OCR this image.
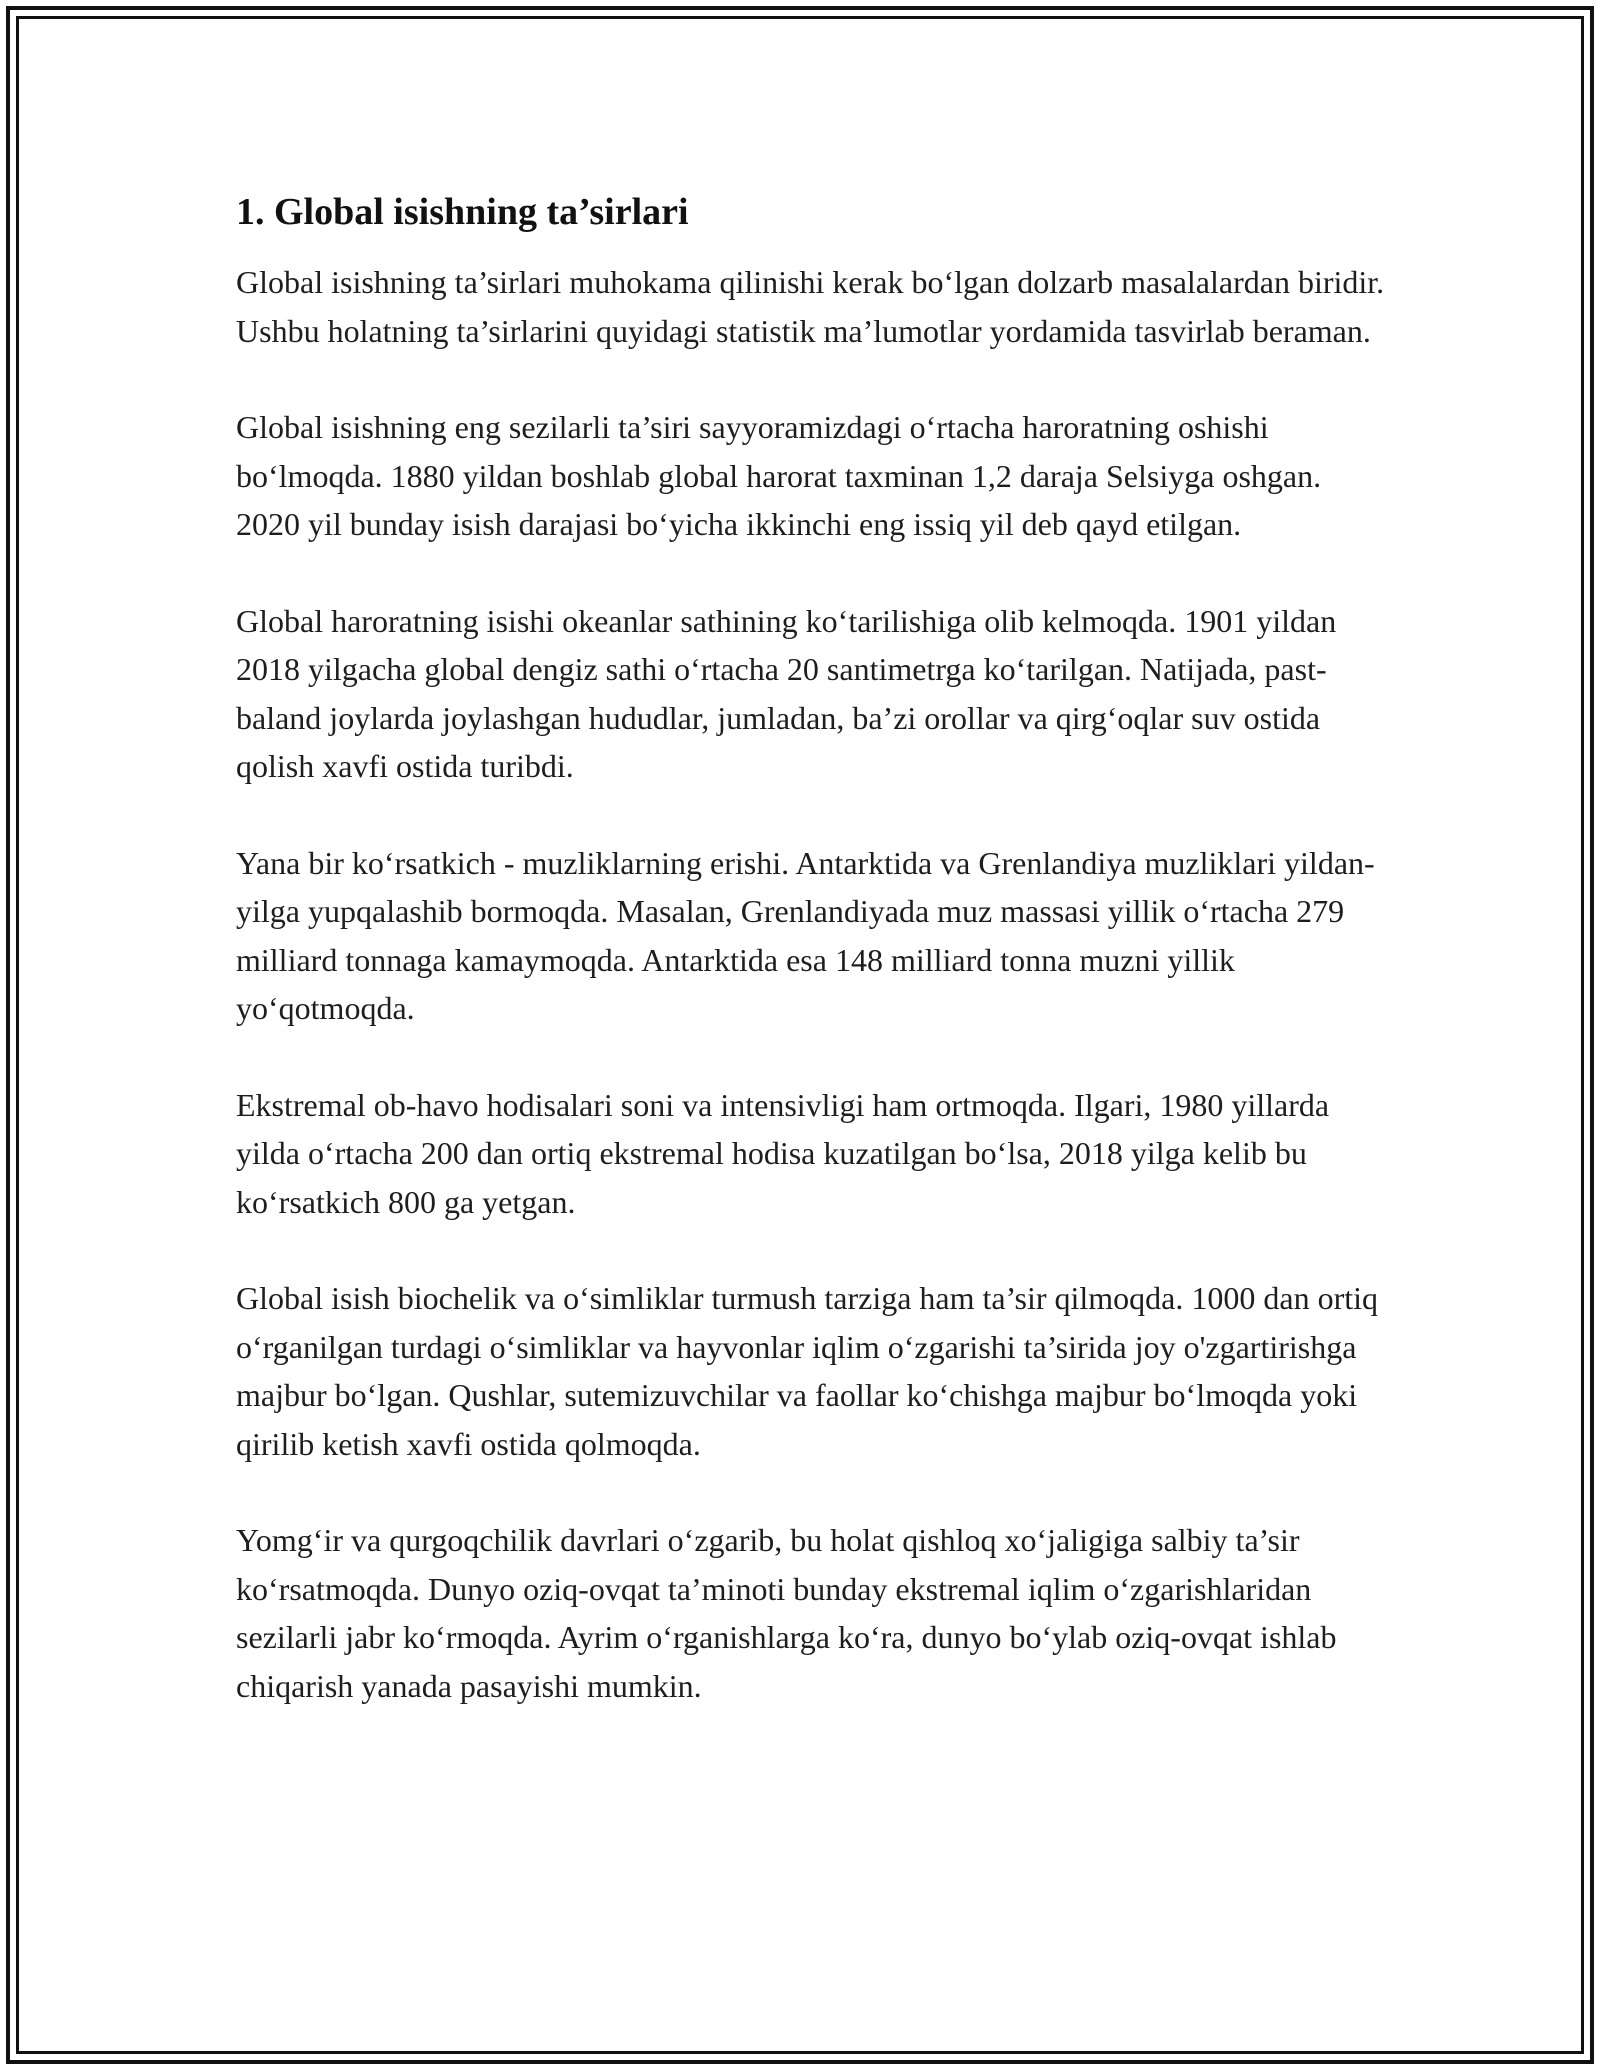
1. Global isishning ta’sirlari

Global isishning ta’sirlari muhokama qilinishi kerak bo‘lgan dolzarb masalalardan biridir. Ushbu holatning ta’sirlarini quyidagi statistik ma’lumotlar yordamida tasvirlab beraman.

Global isishning eng sezilarli ta’siri sayyoramizdagi o‘rtacha haroratning oshishi bo‘lmoqda. 1880 yildan boshlab global harorat taxminan 1,2 daraja Selsiyga oshgan. 2020 yil bunday isish darajasi bo‘yicha ikkinchi eng issiq yil deb qayd etilgan.

Global haroratning isishi okeanlar sathining ko‘tarilishiga olib kelmoqda. 1901 yildan 2018 yilgacha global dengiz sathi o‘rtacha 20 santimetrga ko‘tarilgan. Natijada, past-baland joylarda joylashgan hududlar, jumladan, ba’zi orollar va qirg‘oqlar suv ostida qolish xavfi ostida turibdi.

Yana bir ko‘rsatkich - muzliklarning erishi. Antarktida va Grenlandiya muzliklari yildan-yilga yupqalashib bormoqda. Masalan, Grenlandiyada muz massasi yillik o‘rtacha 279 milliard tonnaga kamaymoqda. Antarktida esa 148 milliard tonna muzni yillik yo‘qotmoqda.

Ekstremal ob-havo hodisalari soni va intensivligi ham ortmoqda. Ilgari, 1980 yillarda yilda o‘rtacha 200 dan ortiq ekstremal hodisa kuzatilgan bo‘lsa, 2018 yilga kelib bu ko‘rsatkich 800 ga yetgan.

Global isish biochelik va o‘simliklar turmush tarziga ham ta’sir qilmoqda. 1000 dan ortiq o‘rganilgan turdagi o‘simliklar va hayvonlar iqlim o‘zgarishi ta’sirida joy o'zgartirishga majbur bo‘lgan. Qushlar, sutemizuvchilar va faollar ko‘chishga majbur bo‘lmoqda yoki qirilib ketish xavfi ostida qolmoqda.

Yomg‘ir va qurgoqchilik davrlari o‘zgarib, bu holat qishloq xo‘jaligiga salbiy ta’sir ko‘rsatmoqda. Dunyo oziq-ovqat ta’minoti bunday ekstremal iqlim o‘zgarishlaridan sezilarli jabr ko‘rmoqda. Ayrim o‘rganishlarga ko‘ra, dunyo bo‘ylab oziq-ovqat ishlab chiqarish yanada pasayishi mumkin.
